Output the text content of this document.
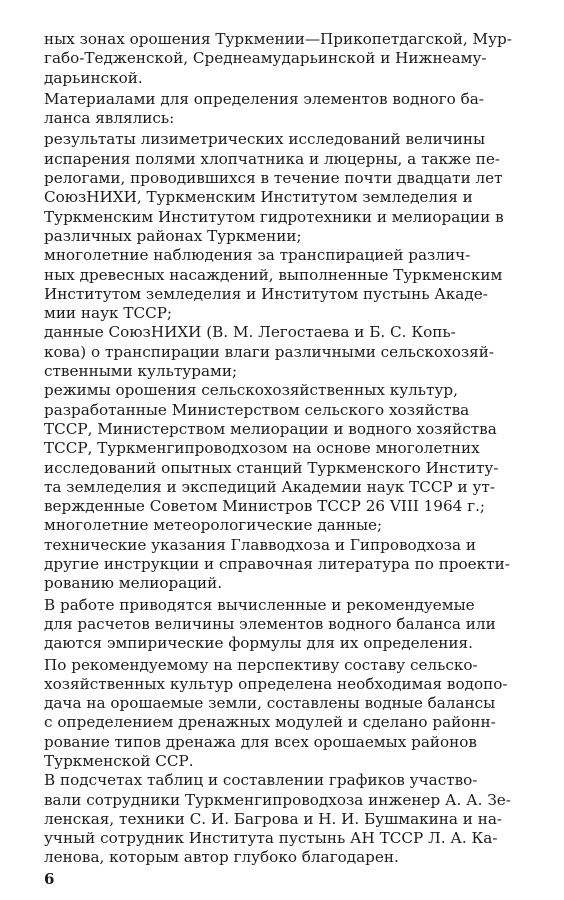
ных зонах орошения Туркмении—Прикопетдагской, Мур-
габо-Теджeнской, Среднеамударьинской и Нижнеаму-
дарьинской.
Материалами для определения элементов водного ба-
ланса являлись:
результаты лизиметрических исследований величины
испарения полями хлопчатника и люцерны, а также пе-
релогами, проводившихся в течение почти двадцати лет
СоюзНИХИ, Туркменским Институтом земледелия и
Туркменским Институтом гидротехники и мелиорации в
различных районах Туркмении;
многолетние наблюдения за транспирацией различ-
ных древесных насаждений, выполненные Туркменским
Институтом земледелия и Институтом пустынь Акаде-
мии наук ТССР;
данные СоюзНИХИ (В. М. Легостаева и Б. С. Копь-
кова) о транспирации влаги различными сельскохозяй-
ственными культурами;
режимы орошения сельскохозяйственных культур,
разработанные Министерством сельского хозяйства
ТССР, Министерством мелиорации и водного хозяйства
ТССР, Туркменгипроводхозом на основе многолетних
исследований опытных станций Туркменского Институ-
та земледелия и экспедиций Академии наук ТССР и ут-
вержденные Советом Министров ТССР 26 VIII 1964 г.;
многолетние метеорологические данные;
технические указания Главводхоза и Гипроводхоза и
другие инструкции и справочная литература по проекти-
рованию мелиораций.
В работе приводятся вычисленные и рекомендуемые
для расчетов величины элементов водного баланса или
даются эмпирические формулы для их определения.
По рекомендуемому на перспективу составу сельско-
хозяйственных культур определена необходимая водопо-
дача на орошаемые земли, составлены водные балансы
с определением дренажных модулей и сделано районн-
рование типов дренажа для всех орошаемых районов
Туркменской ССР.
В подсчетах таблиц и составлении графиков участво-
вали сотрудники Туркменгипроводхоза инженер А. А. Зе-
ленская, техники С. И. Багрова и Н. И. Бушмакина и на-
учный сотрудник Института пустынь АН ТССР Л. А. Ка-
ленова, которым автор глубоко благодарен.
6
